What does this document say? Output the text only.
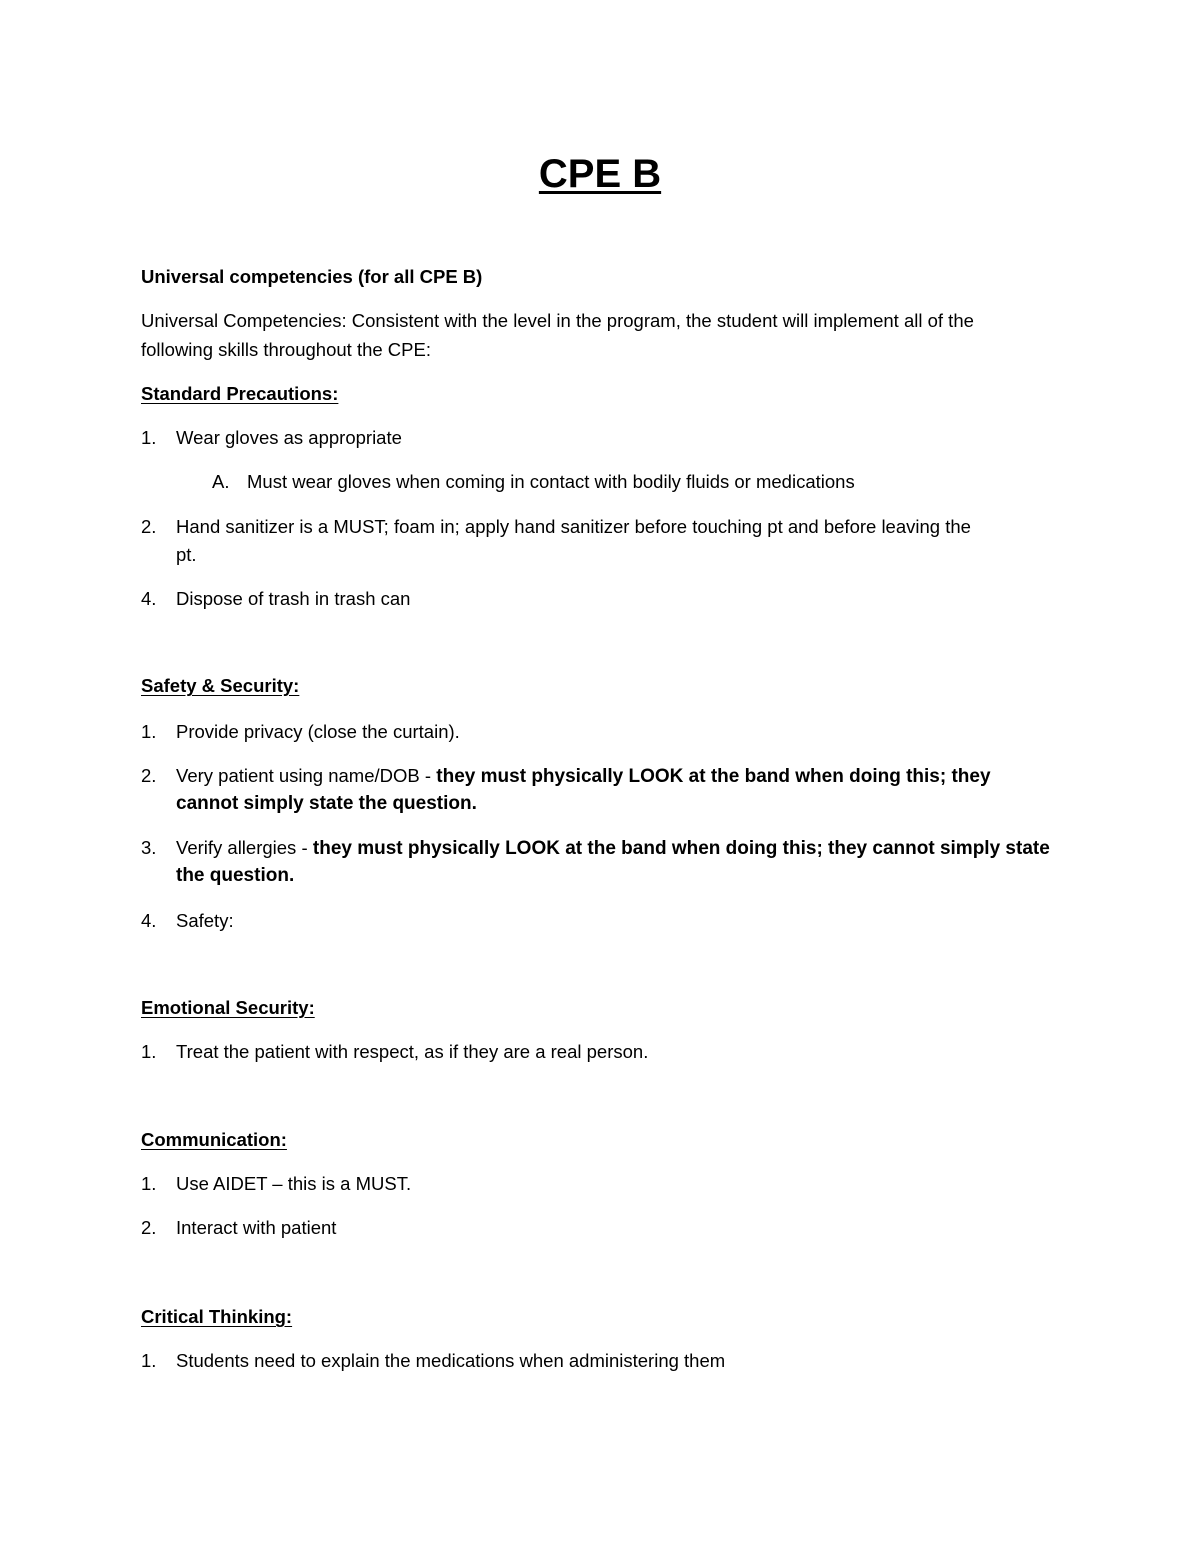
CPE B
Universal competencies (for all CPE B)
Universal Competencies: Consistent with the level in the program, the student will implement all of the
following skills throughout the CPE:
Standard Precautions:
1. Wear gloves as appropriate
A. Must wear gloves when coming in contact with bodily fluids or medications
2. Hand sanitizer is a MUST; foam in; apply hand sanitizer before touching pt and before leaving the
pt.
4. Dispose of trash in trash can
Safety & Security:
1. Provide privacy (close the curtain).
2. Very patient using name/DOB - they must physically LOOK at the band when doing this; they
cannot simply state the question.
3. Verify allergies - they must physically LOOK at the band when doing this; they cannot simply state
the question.
4. Safety:
Emotional Security:
1. Treat the patient with respect, as if they are a real person.
Communication:
1. Use AIDET – this is a MUST.
2. Interact with patient
Critical Thinking:
1. Students need to explain the medications when administering them
